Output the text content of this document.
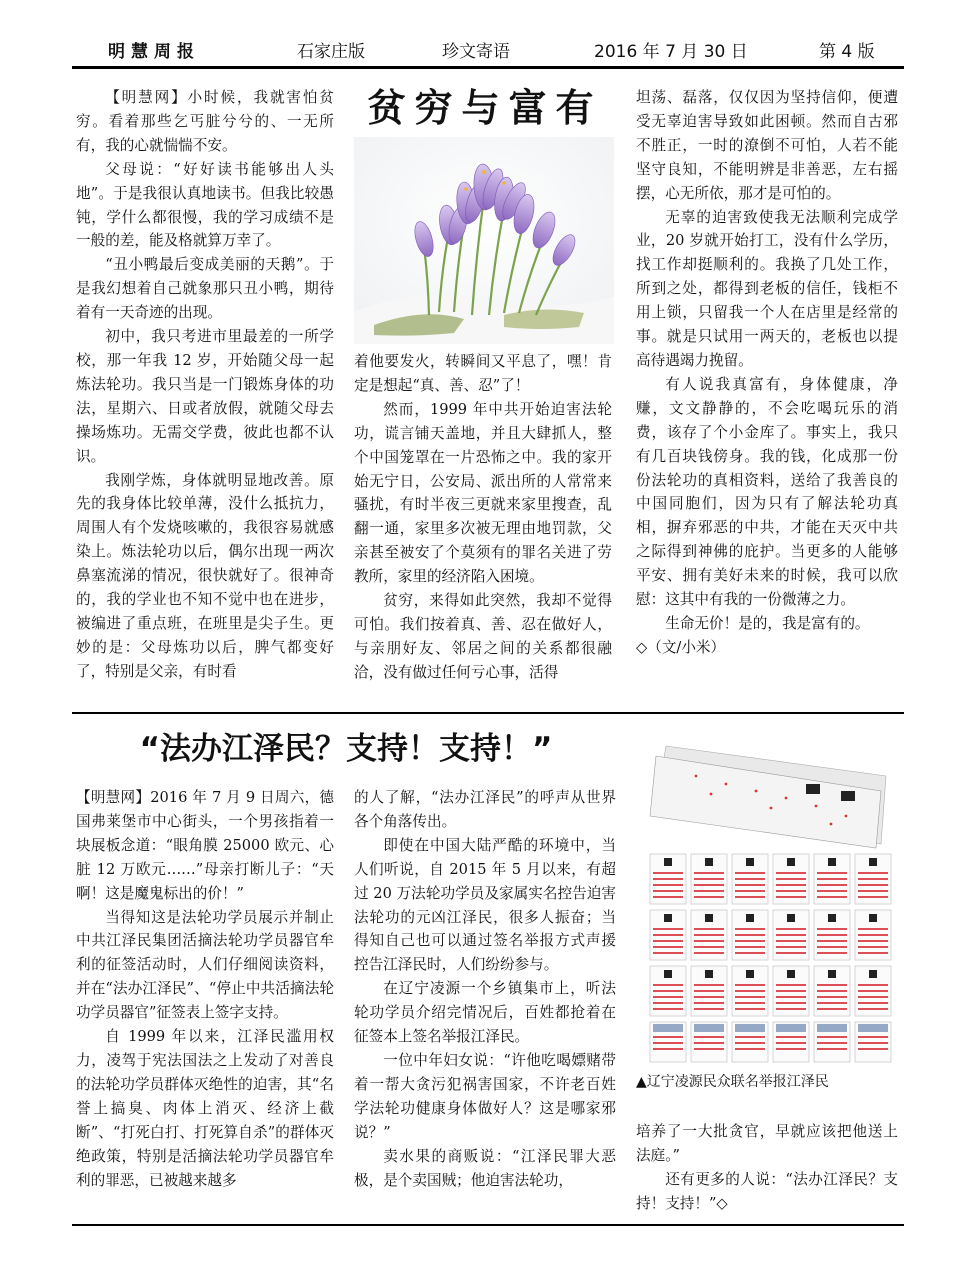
明慧周报	石家庄版	珍文寄语	2016 年 7 月 30 日	第 4 版

【明慧网】小时候，我就害怕贫穷。看着那些乞丐脏兮兮的、一无所有，我的心就惴惴不安。

父母说：“好好读书能够出人头地”。于是我很认真地读书。但我比较愚钝，学什么都很慢，我的学习成绩不是一般的差，能及格就算万幸了。

“丑小鸭最后变成美丽的天鹅”。于是我幻想着自己就象那只丑小鸭，期待着有一天奇迹的出现。

初中，我只考进市里最差的一所学校，那一年我 12 岁，开始随父母一起炼法轮功。我只当是一门锻炼身体的功法，星期六、日或者放假，就随父母去操场炼功。无需交学费，彼此也都不认识。

我刚学炼，身体就明显地改善。原先的我身体比较单薄，没什么抵抗力，周围人有个发烧咳嗽的，我很容易就感染上。炼法轮功以后，偶尔出现一两次鼻塞流涕的情况，很快就好了。很神奇的，我的学业也不知不觉中也在进步，被编进了重点班，在班里是尖子生。更妙的是：父母炼功以后，脾气都变好了，特别是父亲，有时看

贫穷与富有

着他要发火，转瞬间又平息了，嘿！肯定是想起“真、善、忍”了！

然而，1999 年中共开始迫害法轮功，谎言铺天盖地，并且大肆抓人，整个中国笼罩在一片恐怖之中。我的家开始无宁日，公安局、派出所的人常常来骚扰，有时半夜三更就来家里搜查，乱翻一通，家里多次被无理由地罚款，父亲甚至被安了个莫须有的罪名关进了劳教所，家里的经济陷入困境。

贫穷，来得如此突然，我却不觉得可怕。我们按着真、善、忍在做好人，与亲朋好友、邻居之间的关系都很融洽，没有做过任何亏心事，活得

坦荡、磊落，仅仅因为坚持信仰，便遭受无辜迫害导致如此困顿。然而自古邪不胜正，一时的潦倒不可怕，人若不能坚守良知，不能明辨是非善恶，左右摇摆，心无所依，那才是可怕的。

无辜的迫害致使我无法顺利完成学业，20 岁就开始打工，没有什么学历，找工作却挺顺利的。我换了几处工作，所到之处，都得到老板的信任，钱柜不用上锁，只留我一个人在店里是经常的事。就是只试用一两天的，老板也以提高待遇竭力挽留。

有人说我真富有，身体健康，净赚，文文静静的，不会吃喝玩乐的消费，该存了个小金库了。事实上，我只有几百块钱傍身。我的钱，化成那一份份法轮功的真相资料，送给了我善良的中国同胞们，因为只有了解法轮功真相，摒弃邪恶的中共，才能在天灭中共之际得到神佛的庇护。当更多的人能够平安、拥有美好未来的时候，我可以欣慰：这其中有我的一份微薄之力。

生命无价！是的，我是富有的。

◇（文/小米）

“法办江泽民？支持！支持！”

【明慧网】2016 年 7 月 9 日周六，德国弗莱堡市中心街头，一个男孩指着一块展板念道：“眼角膜 25000 欧元、心脏 12 万欧元……”母亲打断儿子：“天啊！这是魔鬼标出的价！”

当得知这是法轮功学员展示并制止中共江泽民集团活摘法轮功学员器官牟利的征签活动时，人们仔细阅读资料，并在“法办江泽民”、“停止中共活摘法轮功学员器官”征签表上签字支持。

自 1999 年以来，江泽民滥用权力，凌驾于宪法国法之上发动了对善良的法轮功学员群体灭绝性的迫害，其“名誉上搞臭、肉体上消灭、经济上截断”、“打死白打、打死算自杀”的群体灭绝政策，特别是活摘法轮功学员器官牟利的罪恶，已被越来越多

的人了解，“法办江泽民”的呼声从世界各个角落传出。

即使在中国大陆严酷的环境中，当人们听说，自 2015 年 5 月以来，有超过 20 万法轮功学员及家属实名控告迫害法轮功的元凶江泽民，很多人振奋；当得知自己也可以通过签名举报方式声援控告江泽民时，人们纷纷参与。

在辽宁凌源一个乡镇集市上，听法轮功学员介绍完情况后，百姓都抢着在征签本上签名举报江泽民。

一位中年妇女说：“许他吃喝嫖赌带着一帮大贪污犯祸害国家，不许老百姓学法轮功健康身体做好人？这是哪家邪说？”

卖水果的商贩说：“江泽民罪大恶极，是个卖国贼；他迫害法轮功，

▲辽宁凌源民众联名举报江泽民

培养了一大批贪官，早就应该把他送上法庭。”

还有更多的人说：“法办江泽民？支持！支持！”◇
